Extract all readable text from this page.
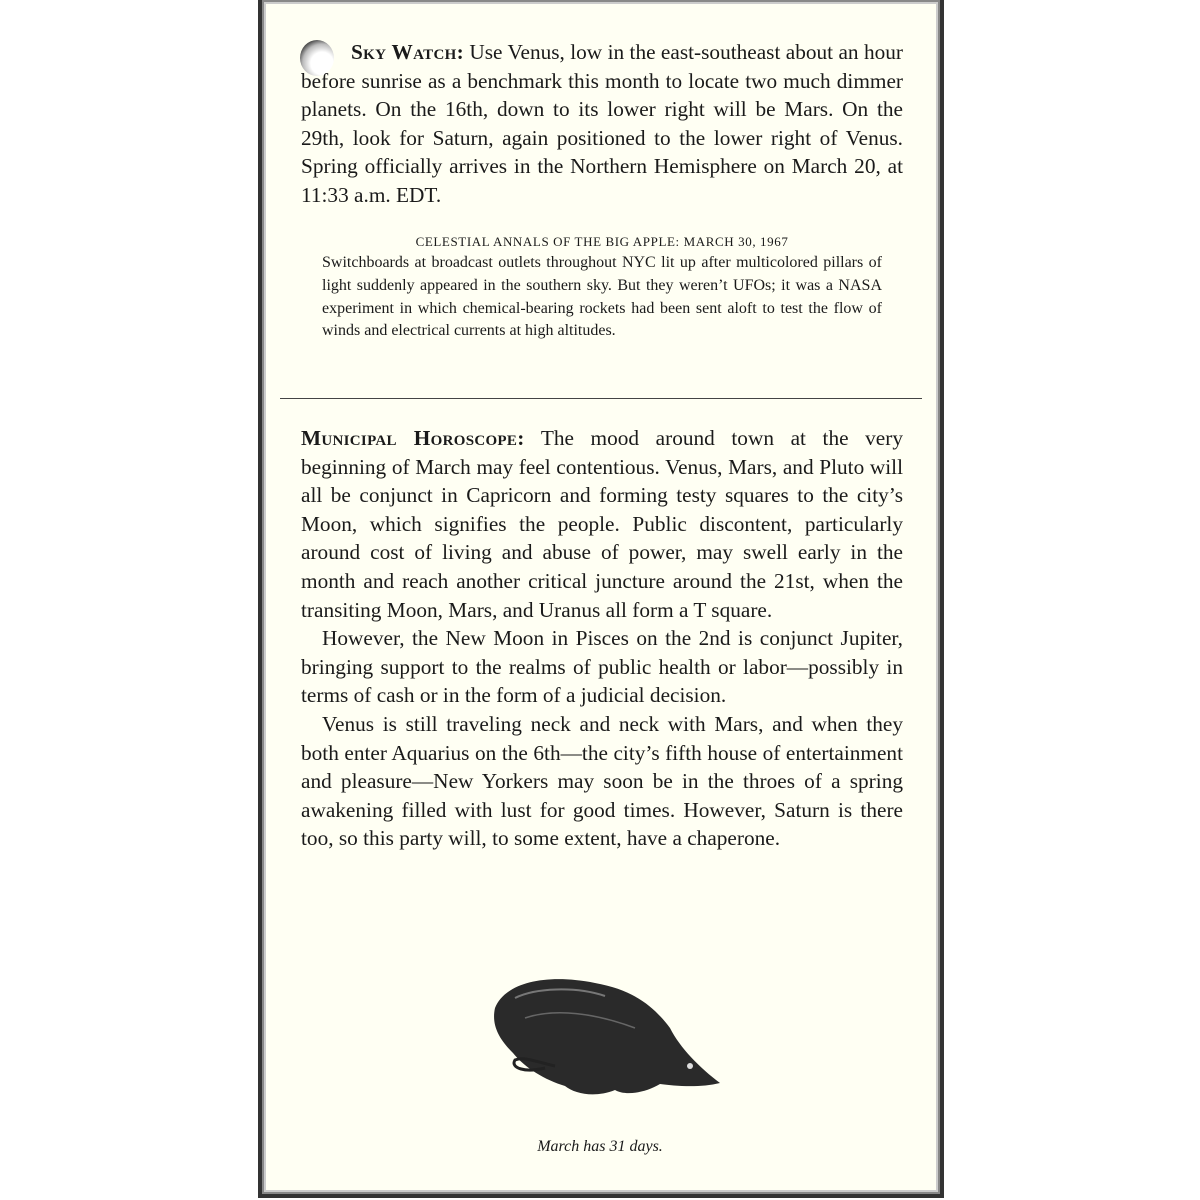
Sky Watch: Use Venus, low in the east-southeast about an hour before sunrise as a benchmark this month to locate two much dimmer planets. On the 16th, down to its lower right will be Mars. On the 29th, look for Saturn, again positioned to the lower right of Venus. Spring officially arrives in the Northern Hemisphere on March 20, at 11:33 a.m. EDT.
CELESTIAL ANNALS OF THE BIG APPLE: MARCH 30, 1967
Switchboards at broadcast outlets throughout NYC lit up after multicolored pillars of light suddenly appeared in the southern sky. But they weren’t UFOs; it was a NASA experiment in which chemical-bearing rockets had been sent aloft to test the flow of winds and electrical currents at high altitudes.

Municipal Horoscope: The mood around town at the very beginning of March may feel contentious. Venus, Mars, and Pluto will all be conjunct in Capricorn and forming testy squares to the city’s Moon, which signifies the people. Public discontent, particularly around cost of living and abuse of power, may swell early in the month and reach another critical juncture around the 21st, when the transiting Moon, Mars, and Uranus all form a T square.

However, the New Moon in Pisces on the 2nd is conjunct Jupiter, bringing support to the realms of public health or labor—possibly in terms of cash or in the form of a judicial decision.

Venus is still traveling neck and neck with Mars, and when they both enter Aquarius on the 6th—the city’s fifth house of entertainment and pleasure—New Yorkers may soon be in the throes of a spring awakening filled with lust for good times. However, Saturn is there too, so this party will, to some extent, have a chaperone.

March has 31 days.
